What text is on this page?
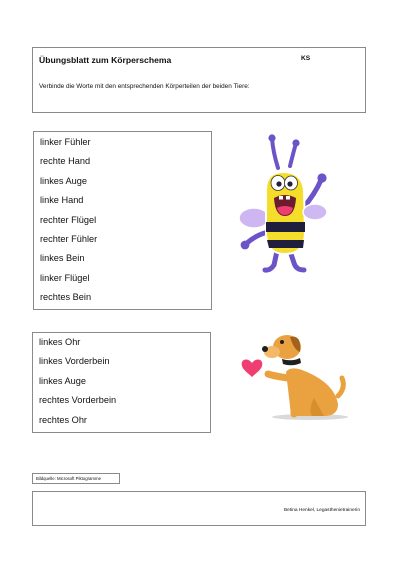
Übungsblatt zum Körperschema	KS
Verbinde die Worte mit den entsprechenden Körperteilen der beiden Tiere:
linker Fühler
rechte Hand
linkes Auge
linke Hand
rechter Flügel
rechter Fühler
linkes Bein
linker Flügel
rechtes Bein
linkes Ohr
linkes Vorderbein
linkes Auge
rechtes Vorderbein
rechtes Ohr
Bildquelle: Microsoft Piktogramme
Betina Henkel, Legasthenietrainerin
